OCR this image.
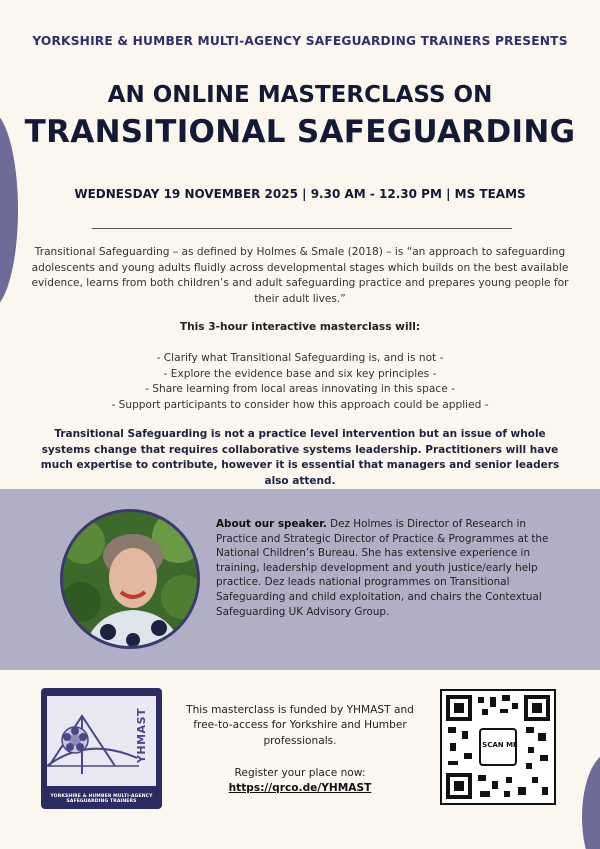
YORKSHIRE & HUMBER MULTI-AGENCY SAFEGUARDING TRAINERS PRESENTS
AN ONLINE MASTERCLASS ON
TRANSITIONAL SAFEGUARDING
WEDNESDAY 19 NOVEMBER 2025 | 9.30 AM - 12.30 PM | MS TEAMS
Transitional Safeguarding – as defined by Holmes & Smale (2018) – is “an approach to safeguarding adolescents and young adults fluidly across developmental stages which builds on the best available evidence, learns from both children’s and adult safeguarding practice and prepares young people for their adult lives.”
This 3-hour interactive masterclass will:
- Clarify what Transitional Safeguarding is, and is not -
- Explore the evidence base and six key principles -
- Share learning from local areas innovating in this space -
- Support participants to consider how this approach could be applied -
Transitional Safeguarding is not a practice level intervention but an issue of whole systems change that requires collaborative systems leadership. Practitioners will have much expertise to contribute, however it is essential that managers and senior leaders also attend.
About our speaker. Dez Holmes is Director of Research in Practice and Strategic Director of Practice & Programmes at the National Children’s Bureau. She has extensive experience in training, leadership development and youth justice/early help practice. Dez leads national programmes on Transitional Safeguarding and child exploitation, and chairs the Contextual Safeguarding UK Advisory Group.
YHMAST
YORKSHIRE & HUMBER MULTI-AGENCY SAFEGUARDING TRAINERS
This masterclass is funded by YHMAST and free-to-access for Yorkshire and Humber professionals.
Register your place now:
https://qrco.de/YHMAST
SCAN ME
